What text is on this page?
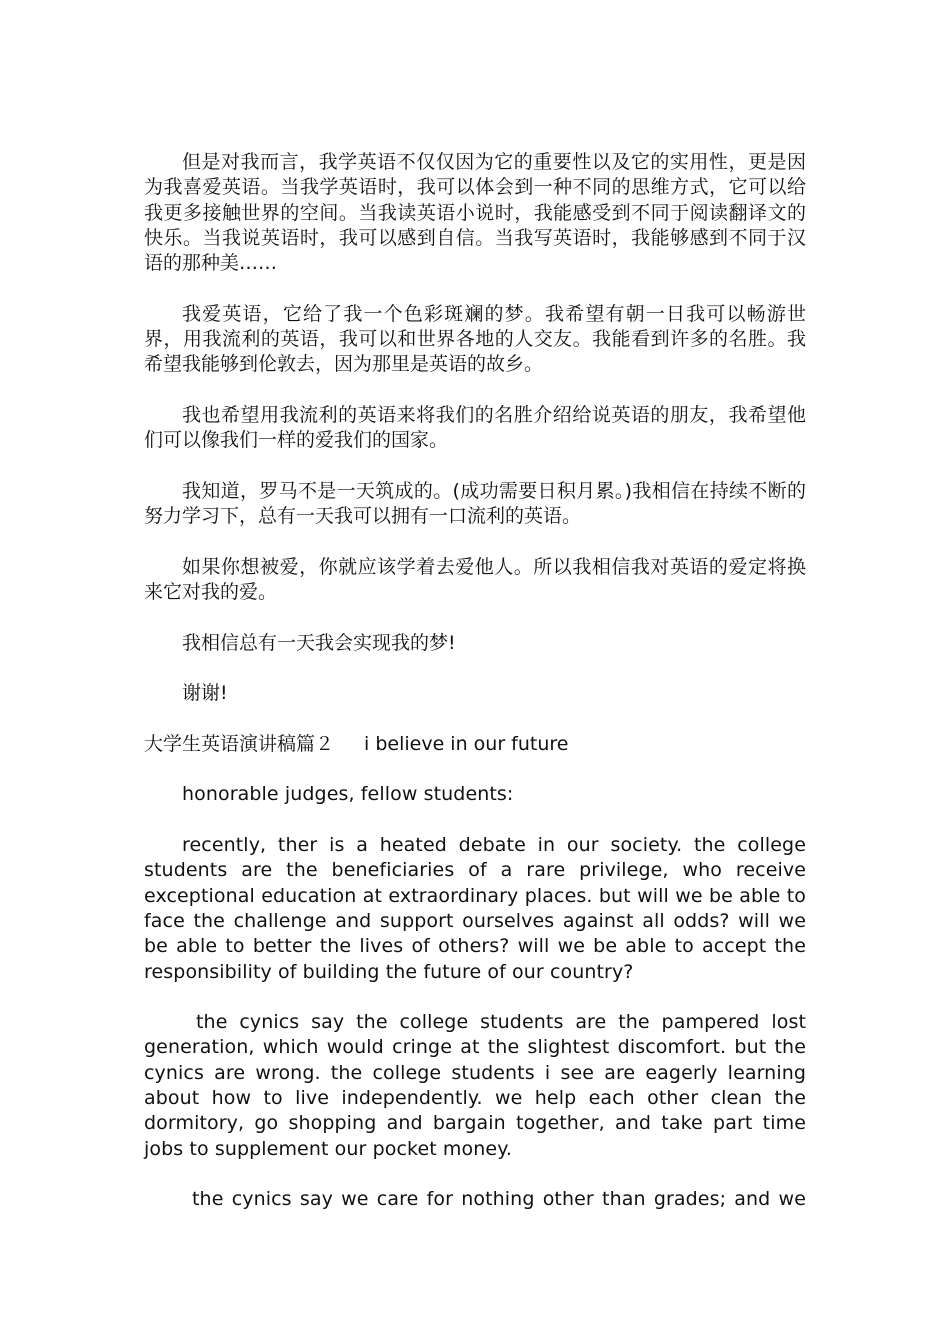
但是对我而言，我学英语不仅仅因为它的重要性以及它的实用性，更是因为我喜爱英语。当我学英语时，我可以体会到一种不同的思维方式，它可以给我更多接触世界的空间。当我读英语小说时，我能感受到不同于阅读翻译文的快乐。当我说英语时，我可以感到自信。当我写英语时，我能够感到不同于汉语的那种美……

我爱英语，它给了我一个色彩斑斓的梦。我希望有朝一日我可以畅游世界，用我流利的英语，我可以和世界各地的人交友。我能看到许多的名胜。我希望我能够到伦敦去，因为那里是英语的故乡。

我也希望用我流利的英语来将我们的名胜介绍给说英语的朋友，我希望他们可以像我们一样的爱我们的国家。

我知道，罗马不是一天筑成的。(成功需要日积月累。)我相信在持续不断的努力学习下，总有一天我可以拥有一口流利的英语。

如果你想被爱，你就应该学着去爱他人。所以我相信我对英语的爱定将换来它对我的爱。

我相信总有一天我会实现我的梦!

谢谢!

大学生英语演讲稿篇２ i believe in our future

honorable judges, fellow students:

recently, ther is a heated debate in our society. the college students are the beneficiaries of a rare privilege, who receive exceptional education at extraordinary places. but will we be able to face the challenge and support ourselves against all odds? will we be able to better the lives of others? will we be able to accept the responsibility of building the future of our country?

the cynics say the college students are the pampered lost generation, which would cringe at the slightest discomfort. but the cynics are wrong. the college students i see are eagerly learning about how to live independently. we help each other clean the dormitory, go shopping and bargain together, and take part time jobs to supplement our pocket money.

the cynics say we care for nothing other than grades; and we
